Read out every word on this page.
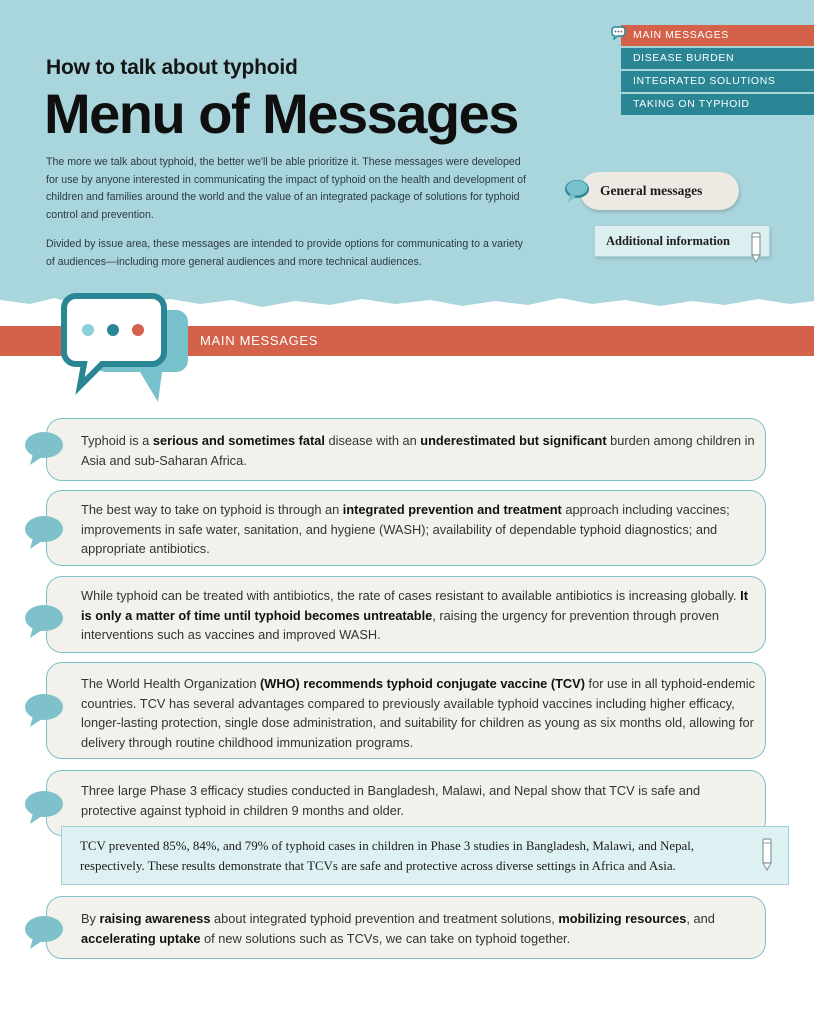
How to talk about typhoid
Menu of Messages

The more we talk about typhoid, the better we'll be able prioritize it. These messages were developed for use by anyone interested in communicating the impact of typhoid on the health and development of children and families around the world and the value of an integrated package of solutions for typhoid control and prevention.

Divided by issue area, these messages are intended to provide options for communicating to a variety of audiences—including more general audiences and more technical audiences.

MAIN MESSAGES
DISEASE BURDEN
INTEGRATED SOLUTIONS
TAKING ON TYPHOID
General messages
Additional information
MAIN MESSAGES

Typhoid is a serious and sometimes fatal disease with an underestimated but significant burden among children in Asia and sub-Saharan Africa.

The best way to take on typhoid is through an integrated prevention and treatment approach including vaccines; improvements in safe water, sanitation, and hygiene (WASH); availability of dependable typhoid diagnostics; and appropriate antibiotics.

While typhoid can be treated with antibiotics, the rate of cases resistant to available antibiotics is increasing globally. It is only a matter of time until typhoid becomes untreatable, raising the urgency for prevention through proven interventions such as vaccines and improved WASH.

The World Health Organization (WHO) recommends typhoid conjugate vaccine (TCV) for use in all typhoid-endemic countries. TCV has several advantages compared to previously available typhoid vaccines including higher efficacy, longer-lasting protection, single dose administration, and suitability for children as young as six months old, allowing for delivery through routine childhood immunization programs.

Three large Phase 3 efficacy studies conducted in Bangladesh, Malawi, and Nepal show that TCV is safe and protective against typhoid in children 9 months and older.

By raising awareness about integrated typhoid prevention and treatment solutions, mobilizing resources, and accelerating uptake of new solutions such as TCVs, we can take on typhoid together.

TCV prevented 85%, 84%, and 79% of typhoid cases in children in Phase 3 studies in Bangladesh, Malawi, and Nepal, respectively. These results demonstrate that TCVs are safe and protective across diverse settings in Africa and Asia.
